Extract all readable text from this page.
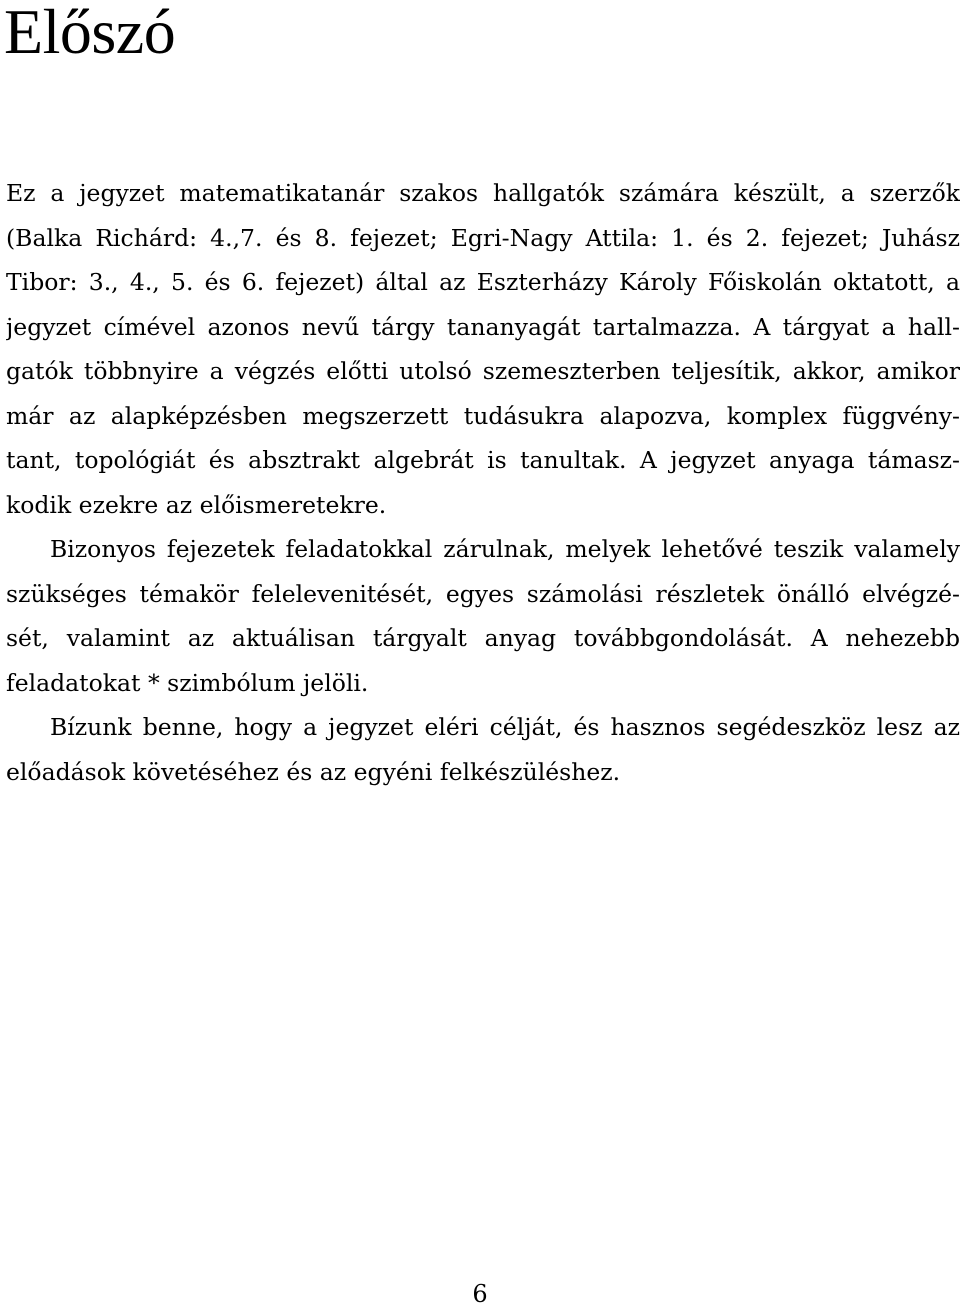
Előszó
Ez a jegyzet matematikatanár szakos hallgatók számára készült, a szerzők
(Balka Richárd: 4.,7. és 8. fejezet; Egri-Nagy Attila: 1. és 2. fejezet; Juhász
Tibor: 3., 4., 5. és 6. fejezet) által az Eszterházy Károly Főiskolán oktatott, a
jegyzet címével azonos nevű tárgy tananyagát tartalmazza. A tárgyat a hall-
gatók többnyire a végzés előtti utolsó szemeszterben teljesítik, akkor, amikor
már az alapképzésben megszerzett tudásukra alapozva, komplex függvény-
tant, topológiát és absztrakt algebrát is tanultak. A jegyzet anyaga támasz-
kodik ezekre az előismeretekre.
Bizonyos fejezetek feladatokkal zárulnak, melyek lehetővé teszik valamely
szükséges témakör felelevenitését, egyes számolási részletek önálló elvégzé-
sét, valamint az aktuálisan tárgyalt anyag továbbgondolását. A nehezebb
feladatokat * szimbólum jelöli.
Bízunk benne, hogy a jegyzet eléri célját, és hasznos segédeszköz lesz az
előadások követéséhez és az egyéni felkészüléshez.
6
